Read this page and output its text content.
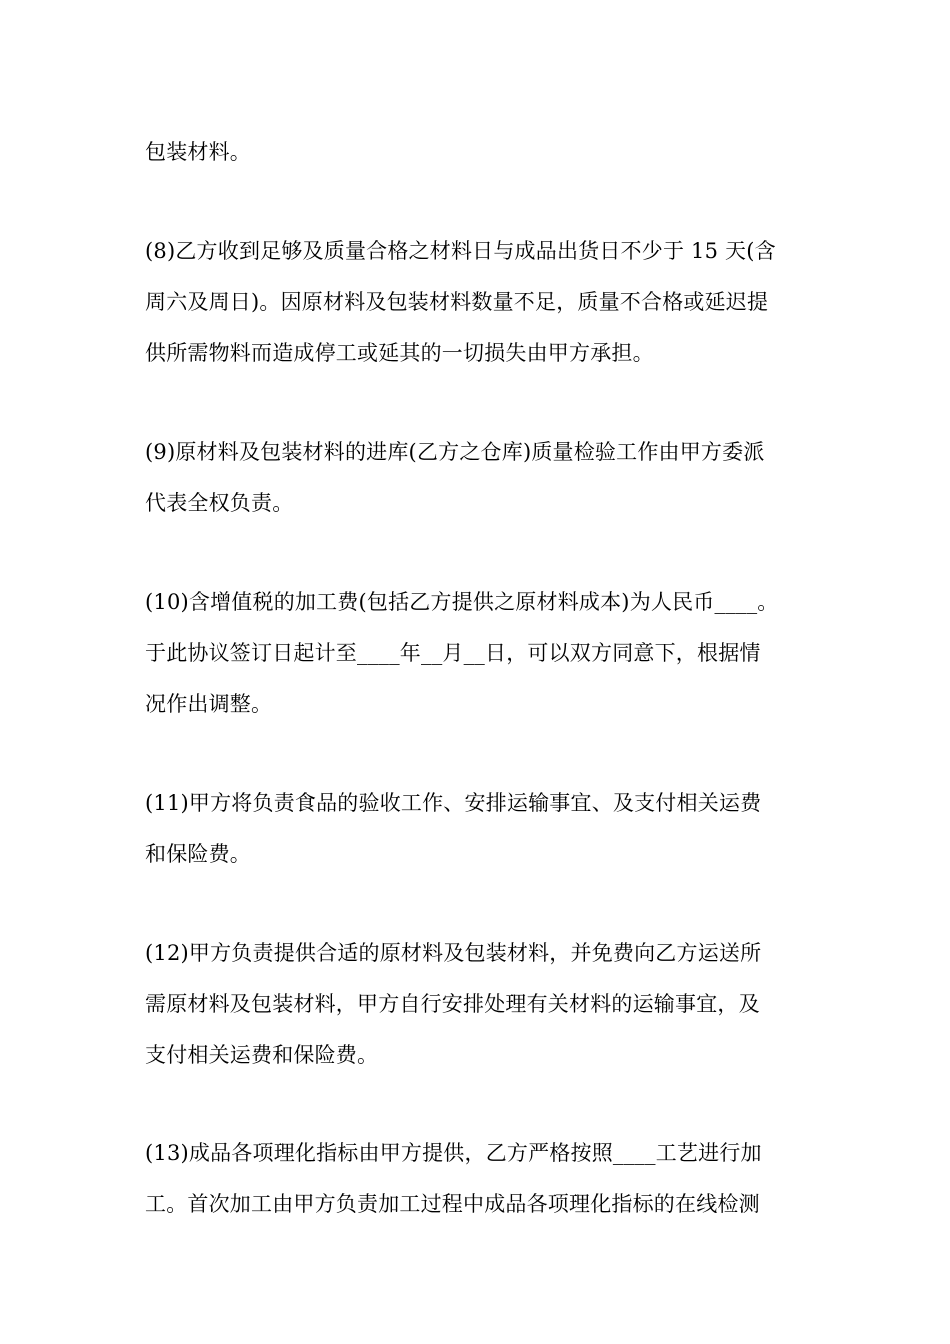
包装材料。
(8)乙方收到足够及质量合格之材料日与成品出货日不少于 15 天(含
周六及周日)。因原材料及包装材料数量不足，质量不合格或延迟提
供所需物料而造成停工或延其的一切损失由甲方承担。
(9)原材料及包装材料的进库(乙方之仓库)质量检验工作由甲方委派
代表全权负责。
(10)含增值税的加工费(包括乙方提供之原材料成本)为人民币____。
于此协议签订日起计至____年__月__日，可以双方同意下，根据情
况作出调整。
(11)甲方将负责食品的验收工作、安排运输事宜、及支付相关运费
和保险费。
(12)甲方负责提供合适的原材料及包装材料，并免费向乙方运送所
需原材料及包装材料，甲方自行安排处理有关材料的运输事宜，及
支付相关运费和保险费。
(13)成品各项理化指标由甲方提供，乙方严格按照____工艺进行加
工。首次加工由甲方负责加工过程中成品各项理化指标的在线检测
